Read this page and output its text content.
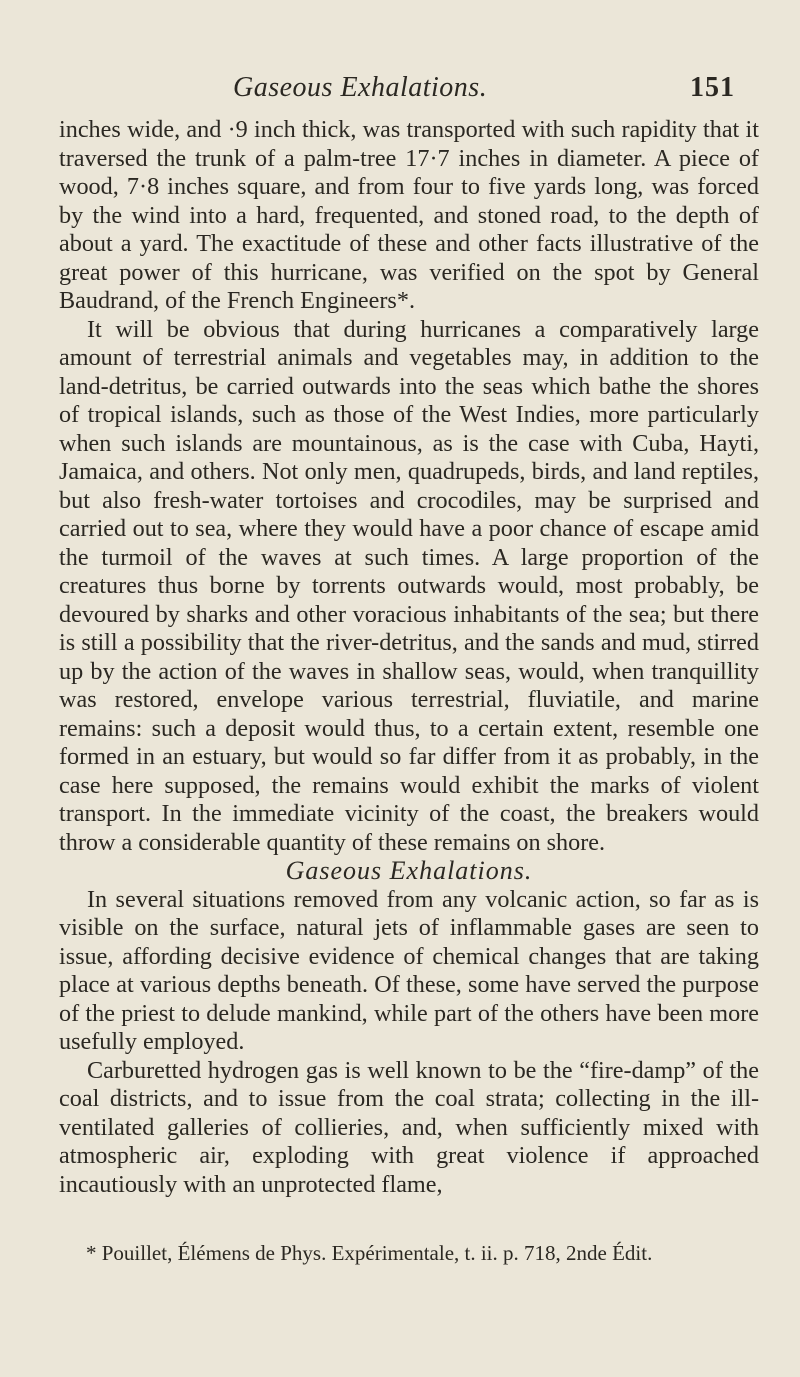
Gaseous Exhalations.	151

inches wide, and ·9 inch thick, was transported with such rapidity that it traversed the trunk of a palm-tree 17·7 inches in diameter. A piece of wood, 7·8 inches square, and from four to five yards long, was forced by the wind into a hard, frequented, and stoned road, to the depth of about a yard. The exactitude of these and other facts illustrative of the great power of this hurricane, was verified on the spot by General Baudrand, of the French Engineers*.

It will be obvious that during hurricanes a comparatively large amount of terrestrial animals and vegetables may, in addition to the land-detritus, be carried outwards into the seas which bathe the shores of tropical islands, such as those of the West Indies, more particularly when such islands are mountainous, as is the case with Cuba, Hayti, Jamaica, and others. Not only men, quadrupeds, birds, and land reptiles, but also fresh-water tortoises and crocodiles, may be surprised and carried out to sea, where they would have a poor chance of escape amid the turmoil of the waves at such times. A large proportion of the creatures thus borne by torrents outwards would, most probably, be devoured by sharks and other voracious inhabitants of the sea; but there is still a possibility that the river-detritus, and the sands and mud, stirred up by the action of the waves in shallow seas, would, when tranquillity was restored, envelope various terrestrial, fluviatile, and marine remains: such a deposit would thus, to a certain extent, resemble one formed in an estuary, but would so far differ from it as probably, in the case here supposed, the remains would exhibit the marks of violent transport. In the immediate vicinity of the coast, the breakers would throw a considerable quantity of these remains on shore.

Gaseous Exhalations.

In several situations removed from any volcanic action, so far as is visible on the surface, natural jets of inflammable gases are seen to issue, affording decisive evidence of chemical changes that are taking place at various depths beneath. Of these, some have served the purpose of the priest to delude mankind, while part of the others have been more usefully employed.

Carburetted hydrogen gas is well known to be the “fire-damp” of the coal districts, and to issue from the coal strata; collecting in the ill-ventilated galleries of collieries, and, when sufficiently mixed with atmospheric air, exploding with great violence if approached incautiously with an unprotected flame,

* Pouillet, Élémens de Phys. Expérimentale, t. ii. p. 718, 2nde Édit.
